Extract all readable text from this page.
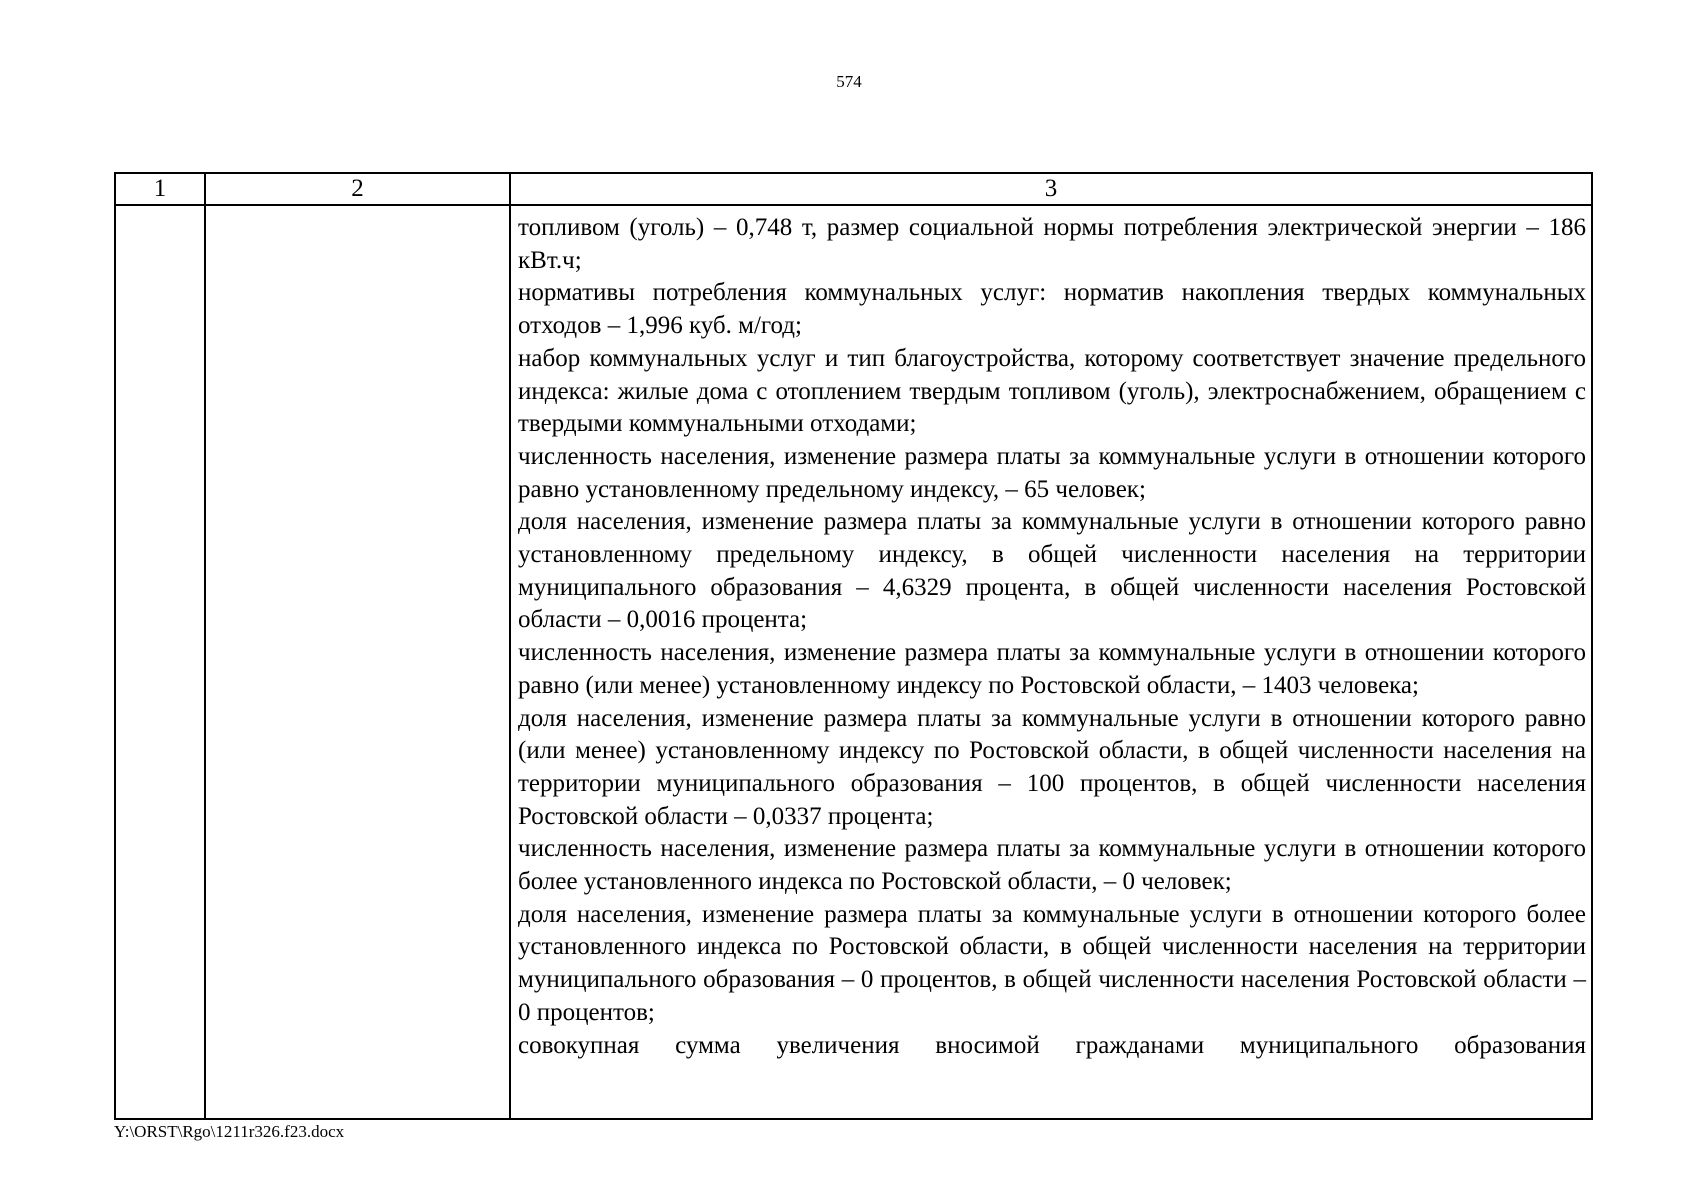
574
1	2	3

топливом (уголь) – 0,748 т, размер социальной нормы потребления электрической энергии – 186 кВт.ч;

нормативы потребления коммунальных услуг: норматив накопления твердых коммунальных отходов – 1,996 куб. м/год;

набор коммунальных услуг и тип благоустройства, которому соответствует значение предельного индекса: жилые дома с отоплением твердым топливом (уголь), электроснабжением, обращением с твердыми коммунальными отходами;

численность населения, изменение размера платы за коммунальные услуги в отношении которого равно установленному предельному индексу, – 65 человек;

доля населения, изменение размера платы за коммунальные услуги в отношении которого равно установленному предельному индексу, в общей численности населения на территории муниципального образования – 4,6329 процента, в общей численности населения Ростовской области – 0,0016 процента;

численность населения, изменение размера платы за коммунальные услуги в отношении которого равно (или менее) установленному индексу по Ростовской области, – 1403 человека;

доля населения, изменение размера платы за коммунальные услуги в отношении которого равно (или менее) установленному индексу по Ростовской области, в общей численности населения на территории муниципального образования – 100 процентов, в общей численности населения Ростовской области – 0,0337 процента;

численность населения, изменение размера платы за коммунальные услуги в отношении которого более установленного индекса по Ростовской области, – 0 человек;

доля населения, изменение размера платы за коммунальные услуги в отношении которого более установленного индекса по Ростовской области, в общей численности населения на территории муниципального образования – 0 процентов, в общей численности населения Ростовской области – 0 процентов;

совокупная сумма увеличения вносимой гражданами муниципального образования

Y:\ORST\Rgo\1211r326.f23.docx
